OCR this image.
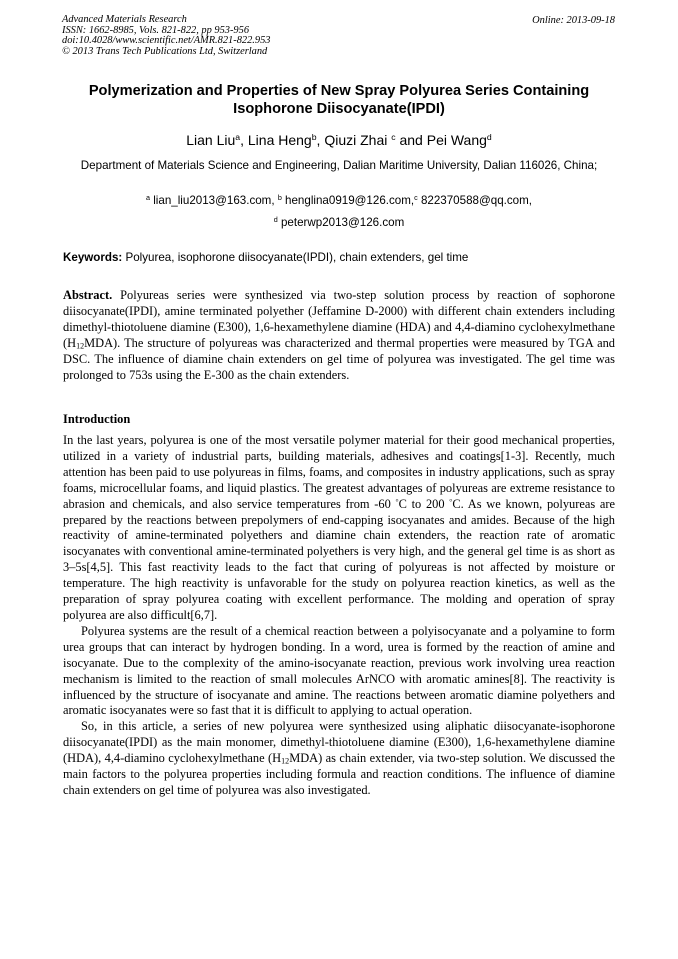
Advanced Materials Research
ISSN: 1662-8985, Vols. 821-822, pp 953-956
doi:10.4028/www.scientific.net/AMR.821-822.953
© 2013 Trans Tech Publications Ltd, Switzerland
Online: 2013-09-18
Polymerization and Properties of New Spray Polyurea Series Containing
Isophorone Diisocyanate(IPDI)
Lian Liu$^a$, Lina Heng$^b$, Qiuzi Zhai $^c$ and Pei Wang$^d$
Department of Materials Science and Engineering, Dalian Maritime University, Dalian 116026, China;
$^a$ lian_liu2013@163.com, $^b$ henglina0919@126.com,$^c$ 822370588@qq.com,
$^d$ peterwp2013@126.com
Keywords: Polyurea, isophorone diisocyanate(IPDI), chain extenders, gel time
Abstract. Polyureas series were synthesized via two-step solution process by reaction of sophorone diisocyanate(IPDI), amine terminated polyether (Jeffamine D-2000) with different chain extenders including dimethyl-thiotoluene diamine (E300), 1,6-hexamethylene diamine (HDA) and 4,4-diamino cyclohexylmethane $(H_{12}MDA)$. The structure of polyureas was characterized and thermal properties were measured by TGA and DSC. The influence of diamine chain extenders on gel time of polyurea was investigated. The gel time was prolonged to 753s using the E-300 as the chain extenders.
Introduction

In the last years, polyurea is one of the most versatile polymer material for their good mechanical properties, utilized in a variety of industrial parts, building materials, adhesives and coatings[1-3]. Recently, much attention has been paid to use polyureas in films, foams, and composites in industry applications, such as spray foams, microcellular foams, and liquid plastics. The greatest advantages of polyureas are extreme resistance to abrasion and chemicals, and also service temperatures from -60 °C to 200 °C. As we known, polyureas are prepared by the reactions between prepolymers of end-capping isocyanates and amides. Because of the high reactivity of amine-terminated polyethers and diamine chain extenders, the reaction rate of aromatic isocyanates with conventional amine-terminated polyethers is very high, and the general gel time is as short as 3–5s[4,5]. This fast reactivity leads to the fact that curing of polyureas is not affected by moisture or temperature. The high reactivity is unfavorable for the study on polyurea reaction kinetics, as well as the preparation of spray polyurea coating with excellent performance. The molding and operation of spray polyurea are also difficult[6,7].

Polyurea systems are the result of a chemical reaction between a polyisocyanate and a polyamine to form urea groups that can interact by hydrogen bonding. In a word, urea is formed by the reaction of amine and isocyanate. Due to the complexity of the amino-isocyanate reaction, previous work involving urea reaction mechanism is limited to the reaction of small molecules ArNCO with aromatic amines[8]. The reactivity is influenced by the structure of isocyanate and amine. The reactions between aromatic diamine polyethers and aromatic isocyanates were so fast that it is difficult to applying to actual operation.

So, in this article, a series of new polyurea were synthesized using aliphatic diisocyanate-isophorone diisocyanate(IPDI) as the main monomer, dimethyl-thiotoluene diamine (E300), 1,6-hexamethylene diamine (HDA), 4,4-diamino cyclohexylmethane $(H_{12}MDA)$ as chain extender, via two-step solution. We discussed the main factors to the polyurea properties including formula and reaction conditions. The influence of diamine chain extenders on gel time of polyurea was also investigated.
